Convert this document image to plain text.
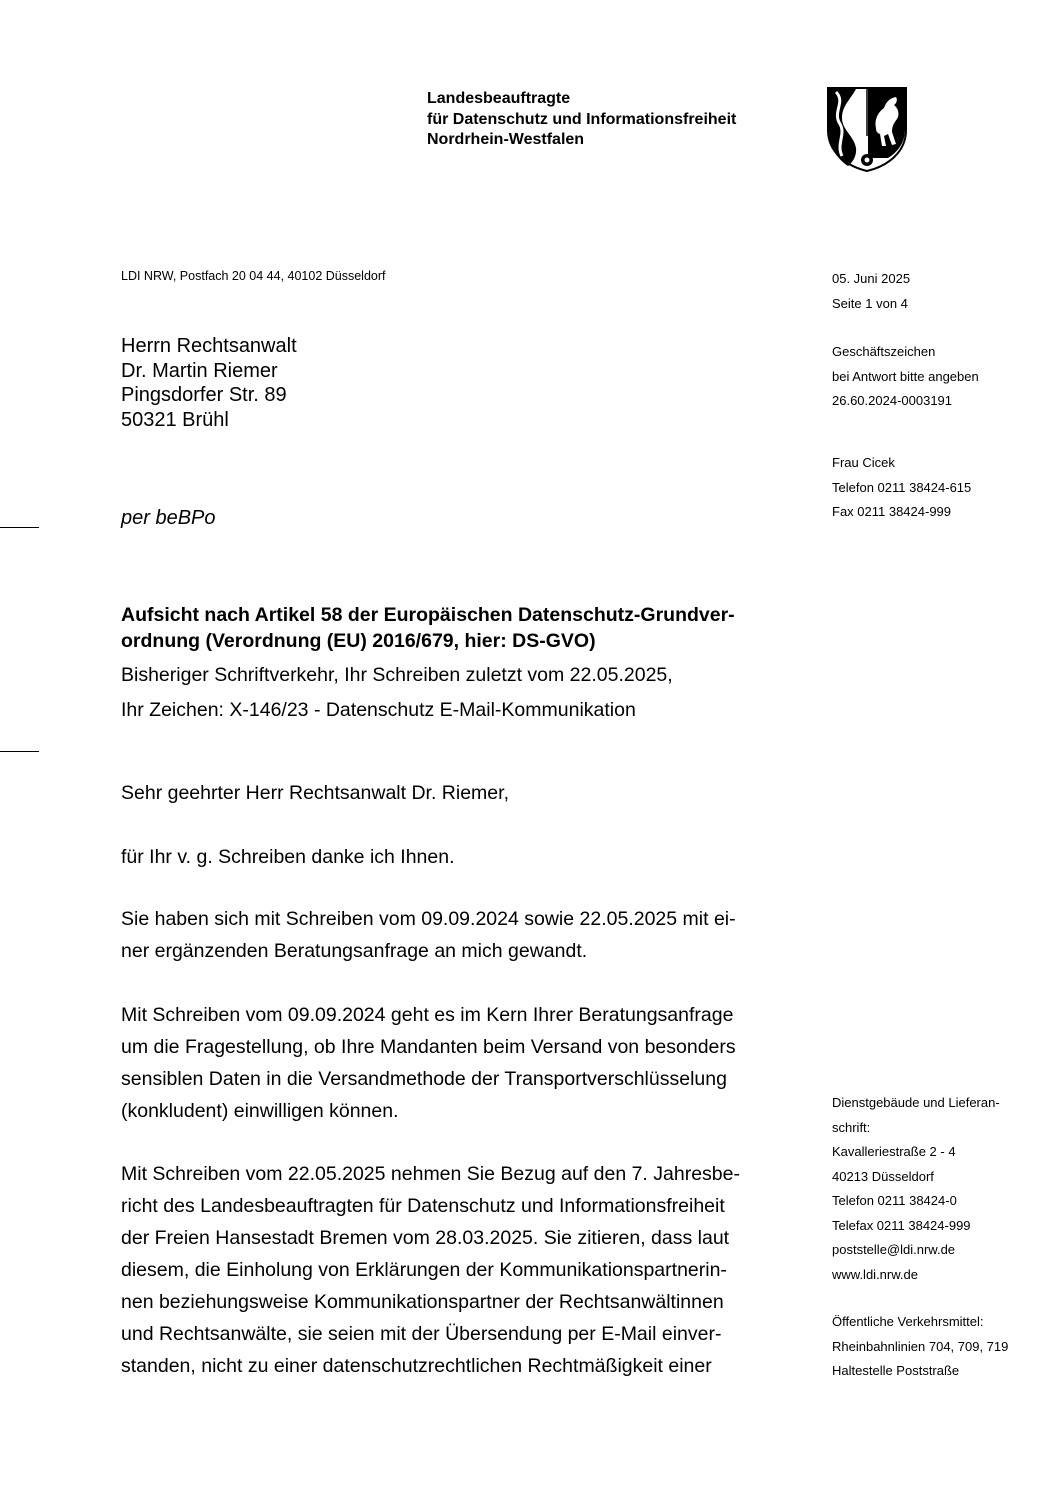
Landesbeauftragte
für Datenschutz und Informationsfreiheit
Nordrhein-Westfalen
LDI NRW, Postfach 20 04 44, 40102 Düsseldorf
Herrn Rechtsanwalt
Dr. Martin Riemer
Pingsdorfer Str. 89
50321 Brühl
per beBPo
05. Juni 2025
Seite 1 von 4
Geschäftszeichen
bei Antwort bitte angeben
26.60.2024-0003191
Frau Cicek
Telefon 0211 38424-615
Fax 0211 38424-999
Dienstgebäude und Lieferan-
schrift:
Kavalleriestraße 2 - 4
40213 Düsseldorf
Telefon 0211 38424-0
Telefax 0211 38424-999
poststelle@ldi.nrw.de
www.ldi.nrw.de
Öffentliche Verkehrsmittel:
Rheinbahnlinien 704, 709, 719
Haltestelle Poststraße
Aufsicht nach Artikel 58 der Europäischen Datenschutz-Grundver-
ordnung (Verordnung (EU) 2016/679, hier: DS-GVO)
Bisheriger Schriftverkehr, Ihr Schreiben zuletzt vom 22.05.2025,
Ihr Zeichen: X-146/23 - Datenschutz E-Mail-Kommunikation
Sehr geehrter Herr Rechtsanwalt Dr. Riemer,
für Ihr v. g. Schreiben danke ich Ihnen.
Sie haben sich mit Schreiben vom 09.09.2024 sowie 22.05.2025 mit ei-
ner ergänzenden Beratungsanfrage an mich gewandt.
Mit Schreiben vom 09.09.2024 geht es im Kern Ihrer Beratungsanfrage
um die Fragestellung, ob Ihre Mandanten beim Versand von besonders
sensiblen Daten in die Versandmethode der Transportverschlüsselung
(konkludent) einwilligen können.
Mit Schreiben vom 22.05.2025 nehmen Sie Bezug auf den 7. Jahresbe-
richt des Landesbeauftragten für Datenschutz und Informationsfreiheit
der Freien Hansestadt Bremen vom 28.03.2025. Sie zitieren, dass laut
diesem, die Einholung von Erklärungen der Kommunikationspartnerin-
nen beziehungsweise Kommunikationspartner der Rechtsanwältinnen
und Rechtsanwälte, sie seien mit der Übersendung per E-Mail einver-
standen, nicht zu einer datenschutzrechtlichen Rechtmäßigkeit einer
